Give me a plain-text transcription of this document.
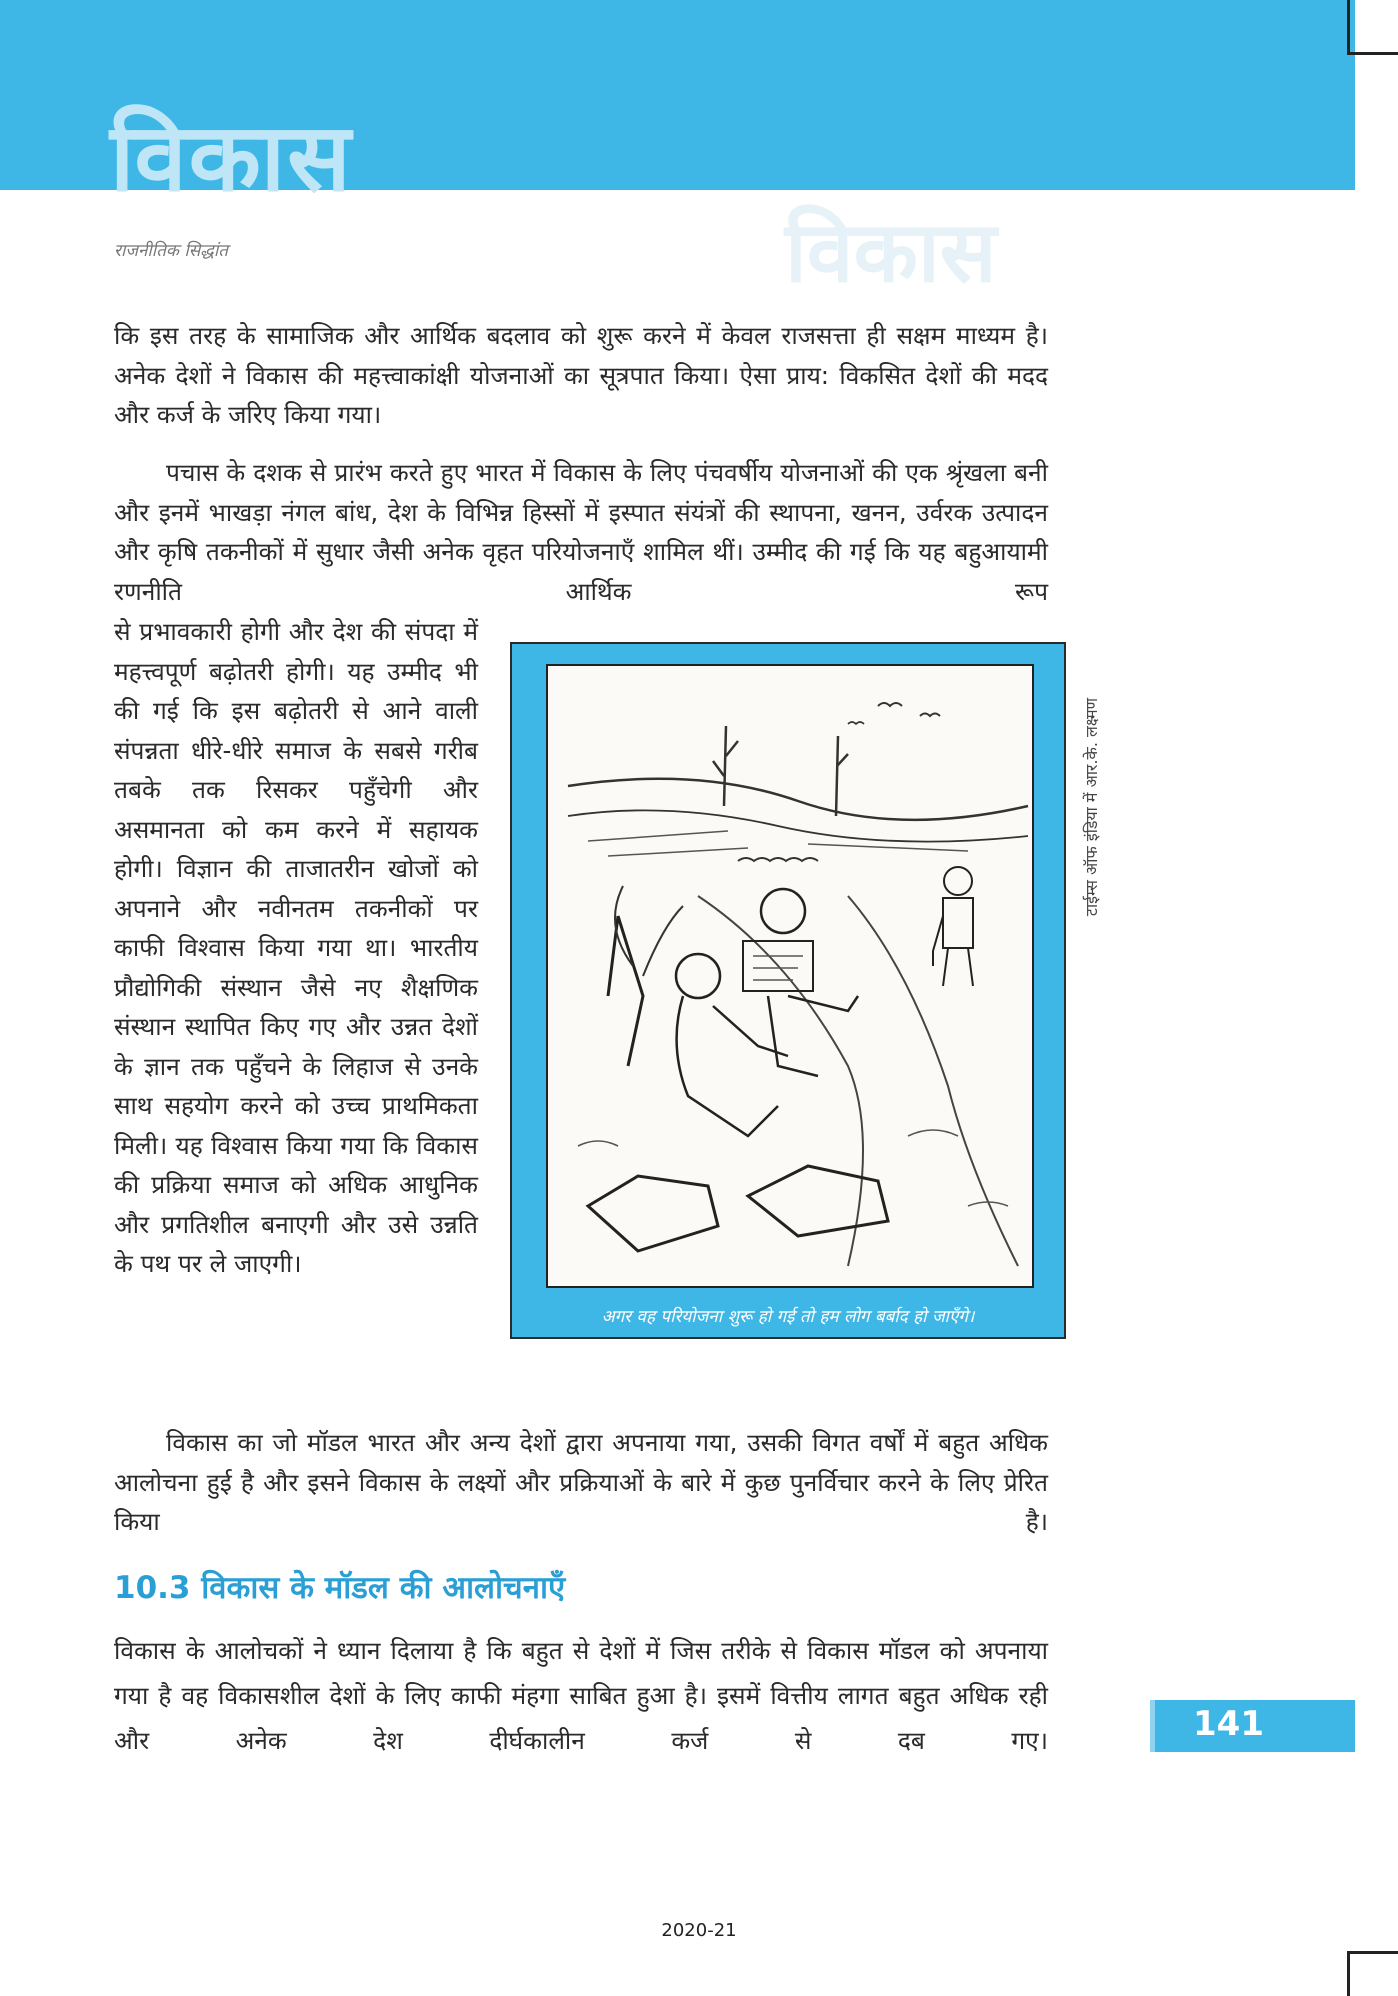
विकास
विकास
राजनीतिक सिद्धांत

कि इस तरह के सामाजिक और आर्थिक बदलाव को शुरू करने में केवल राजसत्ता ही सक्षम माध्यम है। अनेक देशों ने विकास की महत्त्वाकांक्षी योजनाओं का सूत्रपात किया। ऐसा प्राय: विकसित देशों की मदद और कर्ज के जरिए किया गया।

पचास के दशक से प्रारंभ करते हुए भारत में विकास के लिए पंचवर्षीय योजनाओं की एक श्रृंखला बनी और इनमें भाखड़ा नंगल बांध, देश के विभिन्न हिस्सों में इस्पात संयंत्रों की स्थापना, खनन, उर्वरक उत्पादन और कृषि तकनीकों में सुधार जैसी अनेक वृहत परियोजनाएँ शामिल थीं। उम्मीद की गई कि यह बहुआयामी रणनीति आर्थिक रूप

से प्रभावकारी होगी और देश की संपदा में महत्त्वपूर्ण बढ़ोतरी होगी। यह उम्मीद भी की गई कि इस बढ़ोतरी से आने वाली संपन्नता धीरे-धीरे समाज के सबसे गरीब तबके तक रिसकर पहुँचेगी और असमानता को कम करने में सहायक होगी। विज्ञान की ताजातरीन खोजों को अपनाने और नवीनतम तकनीकों पर काफी विश्वास किया गया था। भारतीय प्रौद्योगिकी संस्थान जैसे नए शैक्षणिक संस्थान स्थापित किए गए और उन्नत देशों के ज्ञान तक पहुँचने के लिहाज से उनके साथ सहयोग करने को उच्च प्राथमिकता मिली। यह विश्वास किया गया कि विकास की प्रक्रिया समाज को अधिक आधुनिक और प्रगतिशील बनाएगी और उसे उन्नति के पथ पर ले जाएगी।

अगर वह परियोजना शुरू हो गई तो हम लोग बर्बाद हो जाएँगे।
टाईम्स ऑफ इंडिया में आर.के. लक्ष्मण

विकास का जो मॉडल भारत और अन्य देशों द्वारा अपनाया गया, उसकी विगत वर्षों में बहुत अधिक आलोचना हुई है और इसने विकास के लक्ष्यों और प्रक्रियाओं के बारे में कुछ पुनर्विचार करने के लिए प्रेरित किया है।

10.3 विकास के मॉडल की आलोचनाएँ

विकास के आलोचकों ने ध्यान दिलाया है कि बहुत से देशों में जिस तरीके से विकास मॉडल को अपनाया गया है वह विकासशील देशों के लिए काफी मंहगा साबित हुआ है। इसमें वित्तीय लागत बहुत अधिक रही और अनेक देश दीर्घकालीन कर्ज से दब गए।	141
2020-21
